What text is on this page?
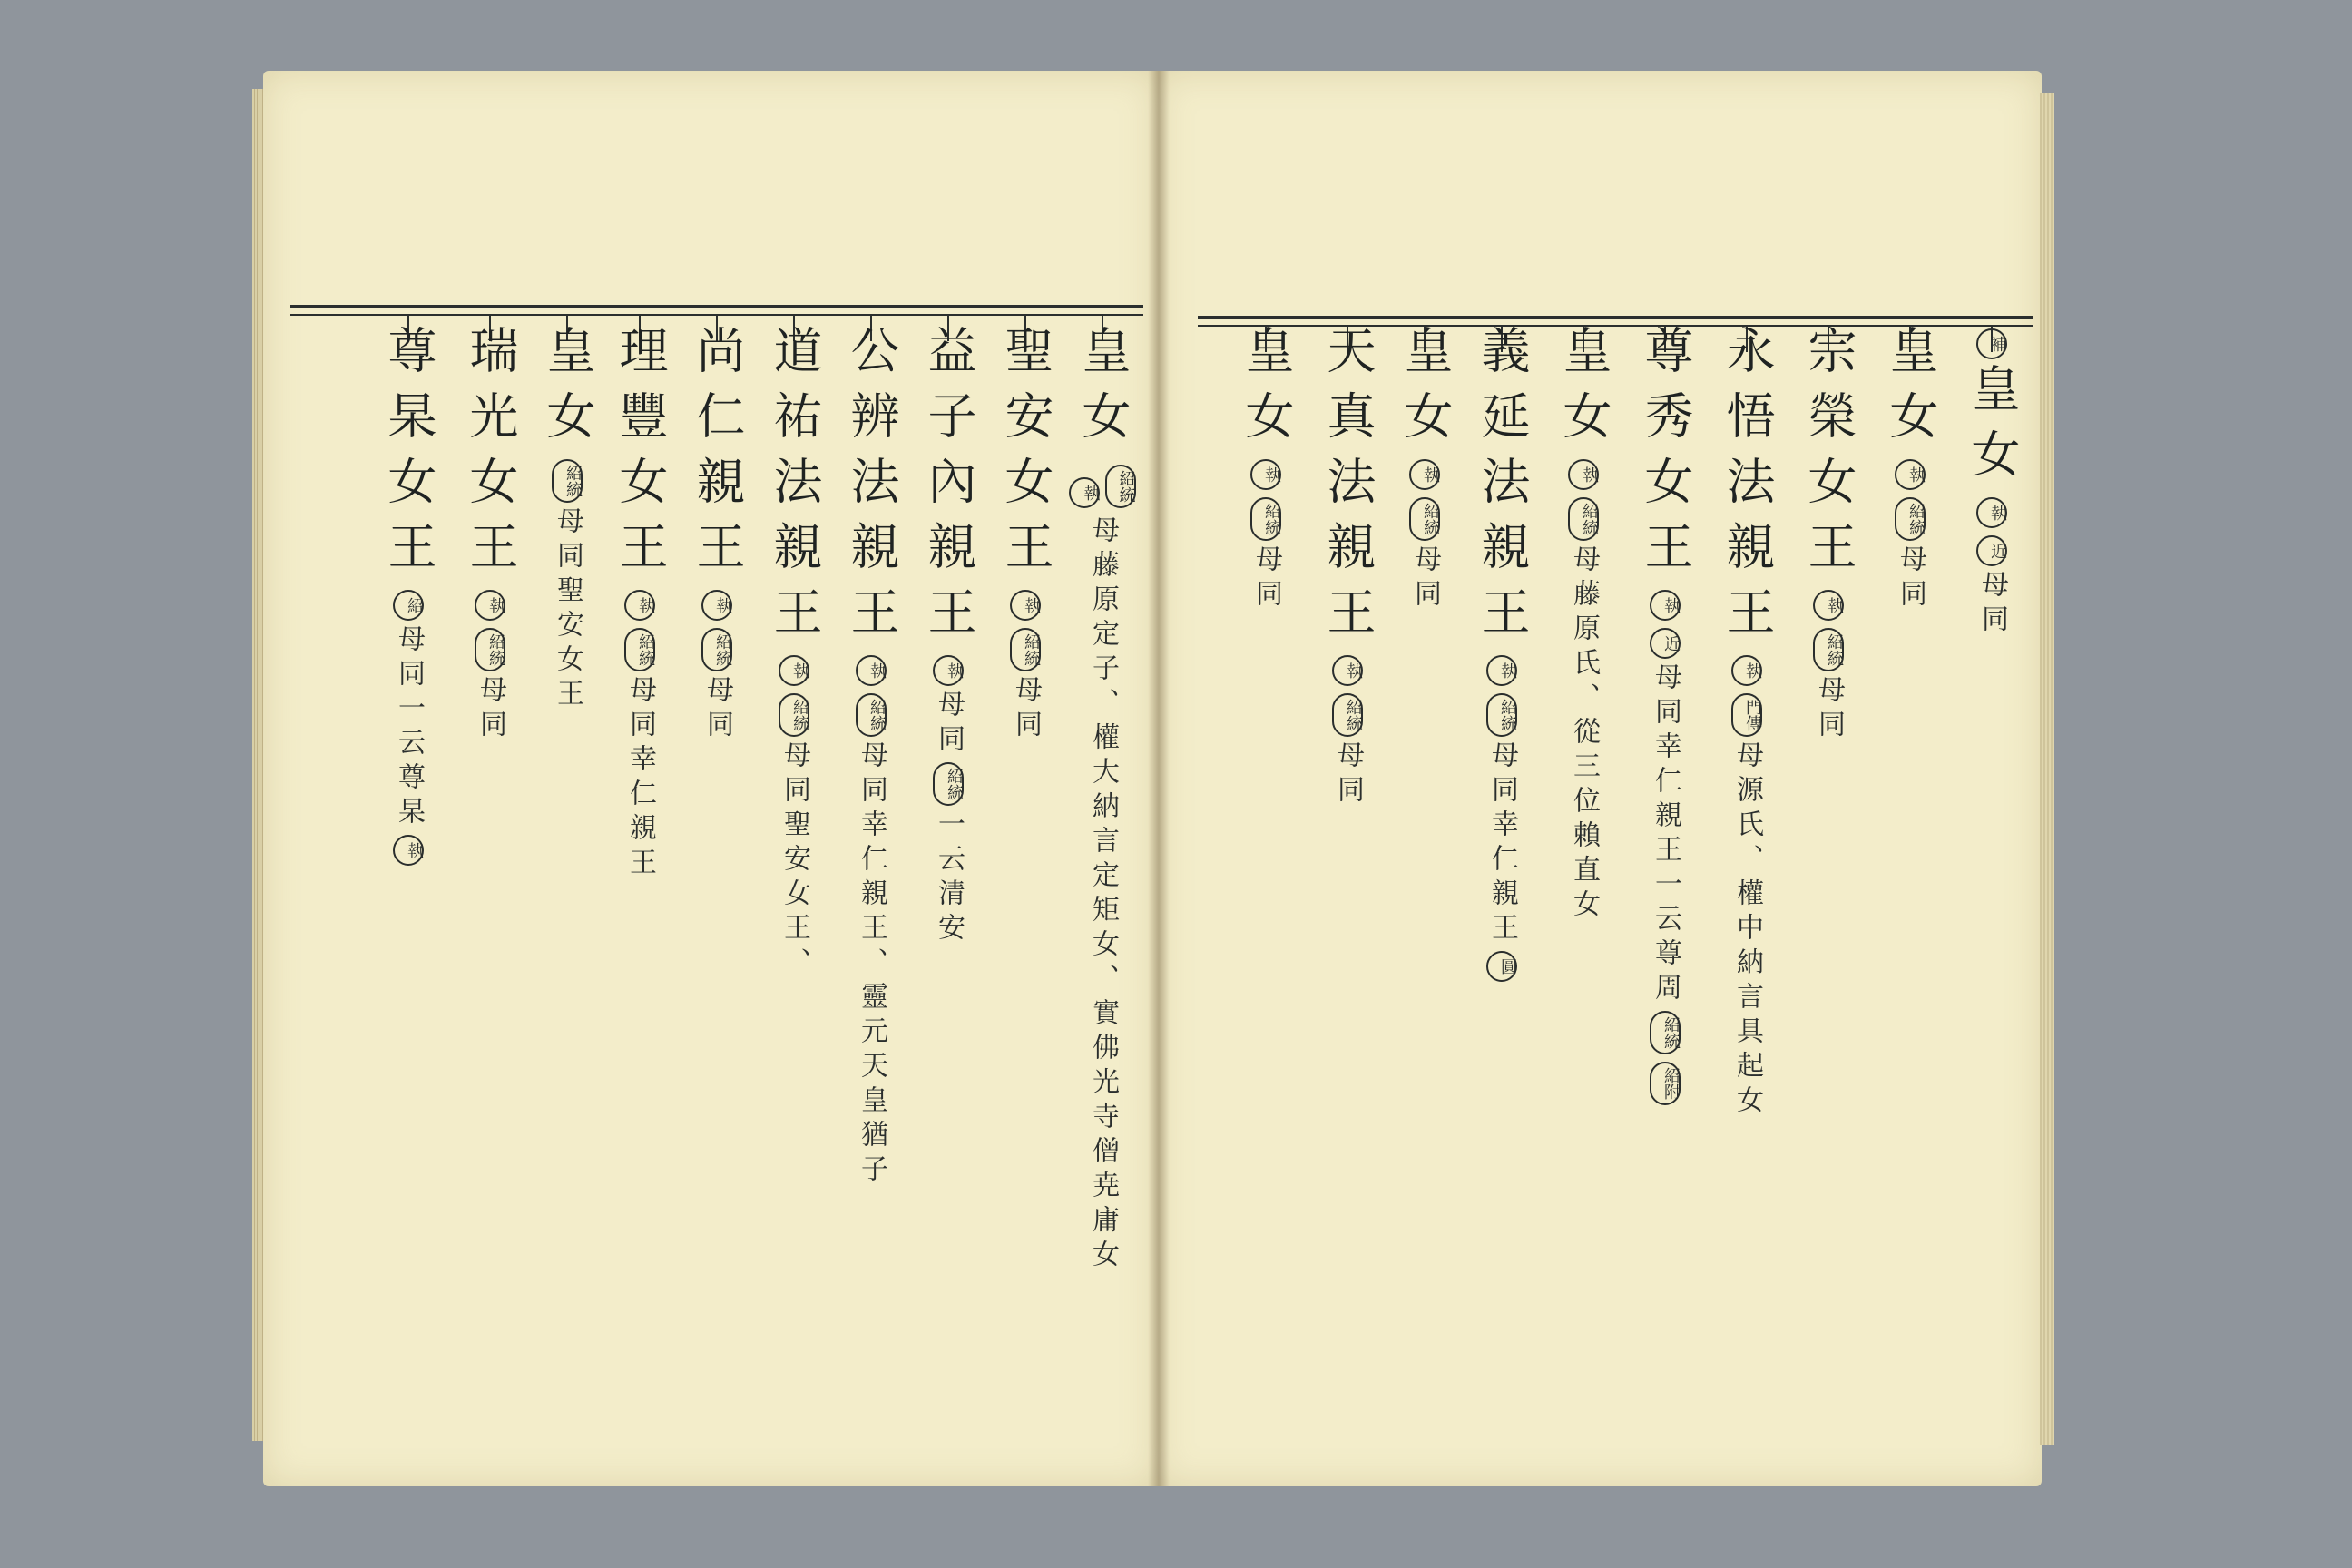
皇女
執 紹統
母藤原定子、權大納言定矩女、實佛光寺僧尭庸女
聖安女王
執
紹統
母同
益子內親王
執
母同
紹統
一云清安
公辨法親王
執
紹統
母同幸仁親王、靈元天皇猶子
道祐法親王
執
紹統
母同聖安女王、
尚仁親王
執
紹統
母同
理豐女王
執
紹統
母同幸仁親王
皇女
紹統
母同聖安女王
瑞光女王
執
紹統
母同
尊杲女王
紹
母同
一云尊杲
執
補
皇女
執
近
母同
皇女
執
紹統
母同
宗榮女王
執
紹統
母同
永悟法親王
執
門傳
母源氏、權中納言具起女
尊秀女王
執
近
母同幸仁親王
一云尊周
紹統
紹附
皇女
執
紹統
母藤原氏、從三位賴直女
義延法親王
執
紹統
母同幸仁親王
圓
皇女
執
紹統
母同
天真法親王
執
紹統
母同
皇女
執
紹統
母同
